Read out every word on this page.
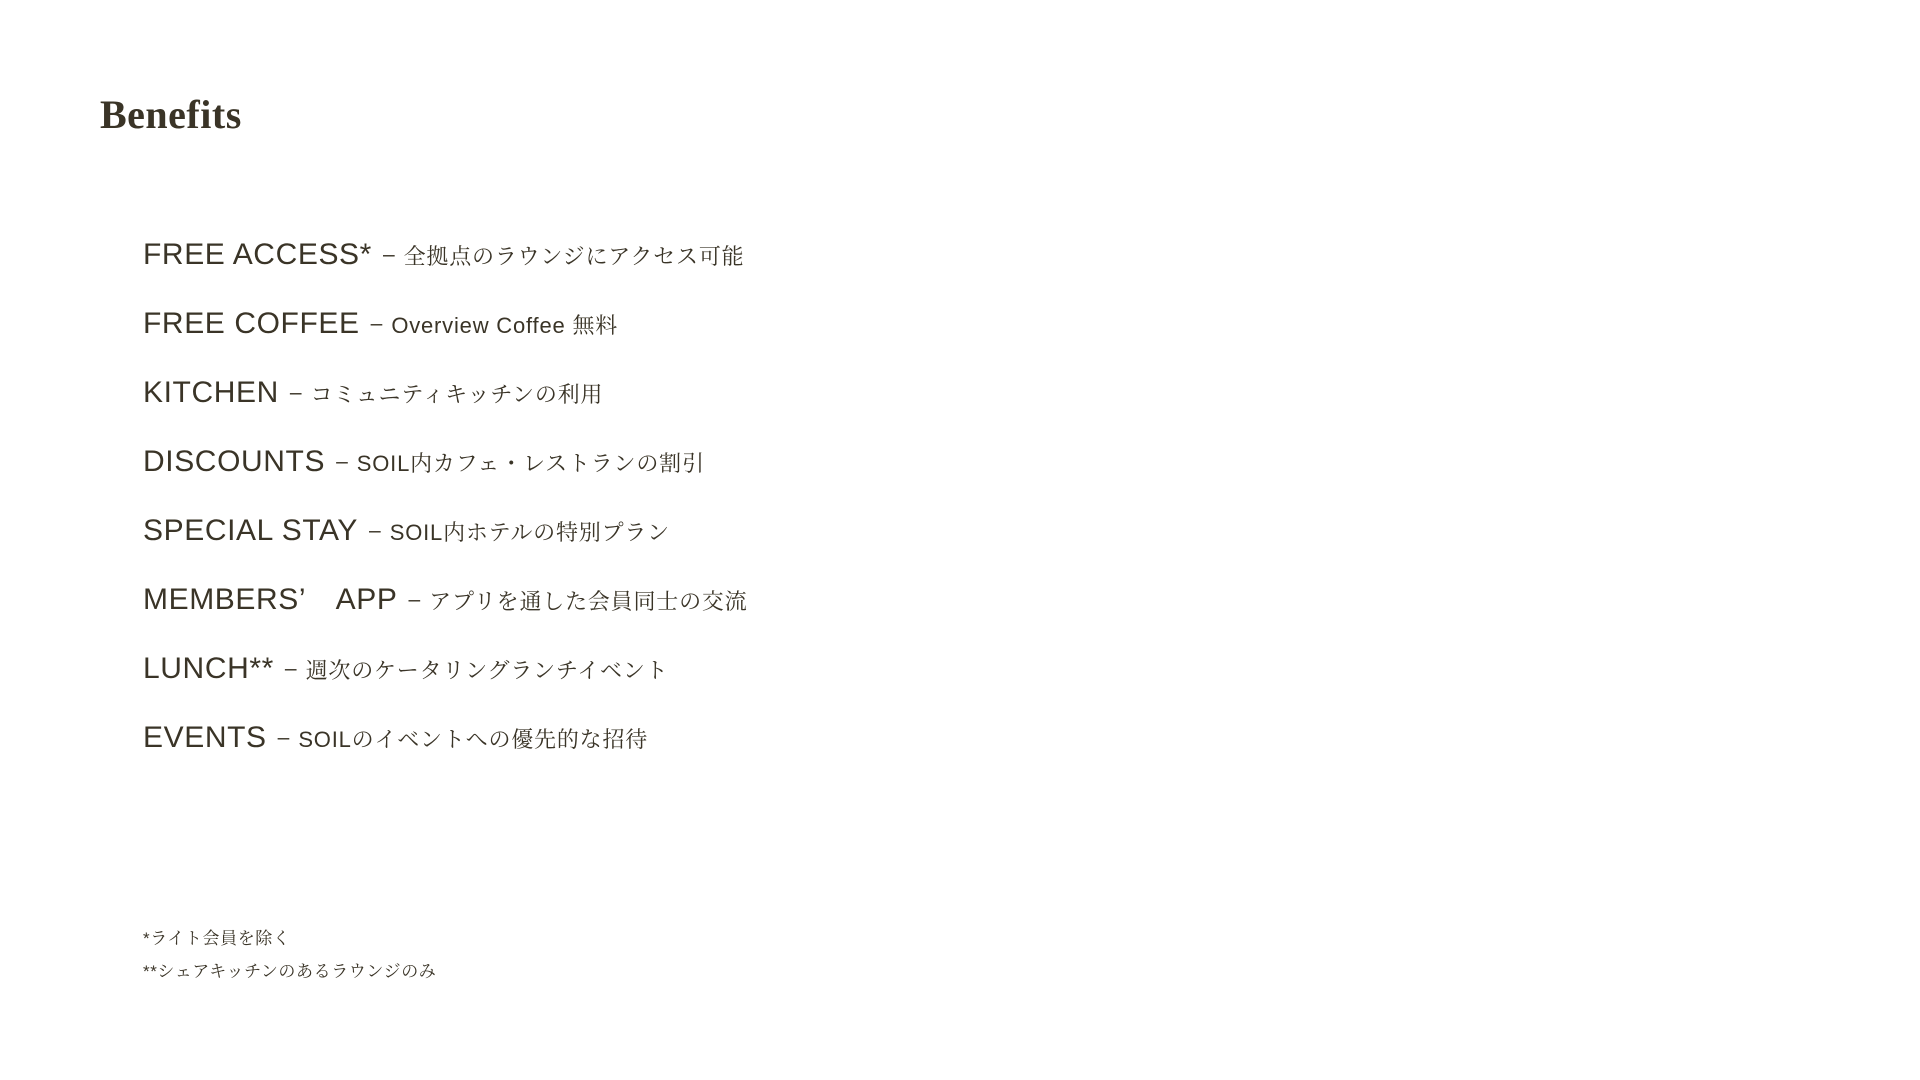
Benefits
FREE ACCESS* – 全拠点のラウンジにアクセス可能
FREE COFFEE – Overview Coffee 無料
KITCHEN – コミュニティキッチンの利用
DISCOUNTS – SOIL内カフェ・レストランの割引
SPECIAL STAY – SOIL内ホテルの特別プラン
MEMBERS’　APP – アプリを通した会員同士の交流
LUNCH** – 週次のケータリングランチイベント
EVENTS – SOILのイベントへの優先的な招待
*ライト会員を除く
**シェアキッチンのあるラウンジのみ
